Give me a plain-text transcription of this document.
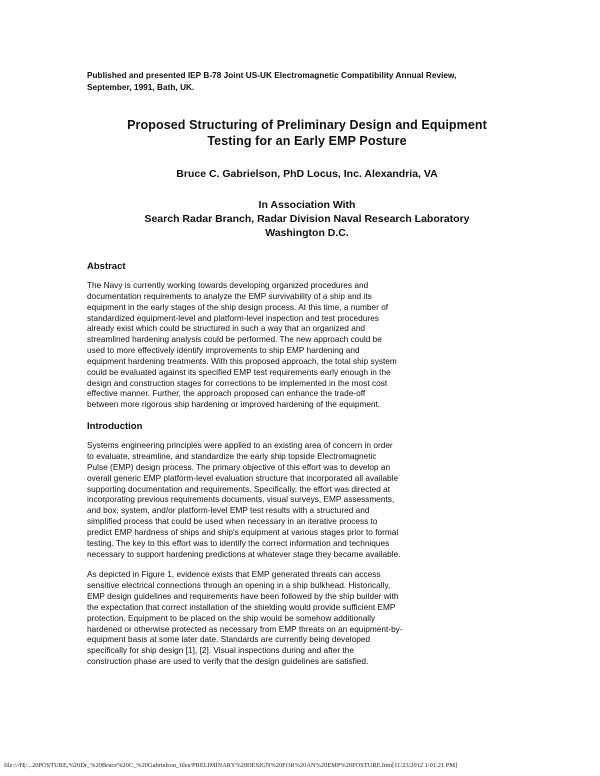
Published and presented IEP B-78 Joint US-UK Electromagnetic Compatibility Annual Review,
September, 1991, Bath, UK.
Proposed Structuring of Preliminary Design and Equipment
Testing for an Early EMP Posture
Bruce C. Gabrielson, PhD Locus, Inc. Alexandria, VA
In Association With
Search Radar Branch, Radar Division Naval Research Laboratory
Washington D.C.
Abstract
The Navy is currently working towards developing organized procedures and
documentation requirements to analyze the EMP survivability of a ship and its
equipment in the early stages of the ship design process. At this time, a number of
standardized equipment-level and platform-level inspection and test procedures
already exist which could be structured in such a way that an organized and
streamlined hardening analysis could be performed. The new approach could be
used to more effectively identify improvements to ship EMP hardening and
equipment hardening treatments. With this proposed approach, the total ship system
could be evaluated against its specified EMP test requirements early enough in the
design and construction stages for corrections to be implemented in the most cost
effective manner. Further, the approach proposed can enhance the trade-off
between more rigorous ship hardening or improved hardening of the equipment.
Introduction
Systems engineering principles were applied to an existing area of concern in order
to evaluate, streamline, and standardize the early ship topside Electromagnetic
Pulse (EMP) design process. The primary objective of this effort was to develop an
overall generic EMP platform-level evaluation structure that incorporated all available
supporting documentation and requirements. Specifically, the effort was directed at
incorporating previous requirements documents, visual surveys, EMP assessments,
and box, system, and/or platform-level EMP test results with a structured and
simplified process that could be used when necessary in an iterative process to
predict EMP hardness of ships and ship's equipment at various stages prior to formal
testing. The key to this effort was to identify the correct information and techniques
necessary to support hardening predictions at whatever stage they became available.
As depicted in Figure 1, evidence exists that EMP generated threats can access
sensitive electrical connections through an opening in a ship bulkhead. Historically,
EMP design guidelines and requirements have been followed by the ship builder with
the expectation that correct installation of the shielding would provide sufficient EMP
protection. Equipment to be placed on the ship would be somehow additionally
hardened or otherwise protected as necessary from EMP threats on an equipment-by-
equipment basis at some later date. Standards are currently being developed
specifically for ship design [1], [2]. Visual inspections during and after the
construction phase are used to verify that the design guidelines are satisfied.
file:///H|/...20POSTURE,%20Dr_%20Bruce%20C_%20Gabrielson_files/PRELIMINARY%20DESIGN%20FOR%20AN%20EMP%20POSTURE.htm[11/23/2012 1:01:21 PM]
